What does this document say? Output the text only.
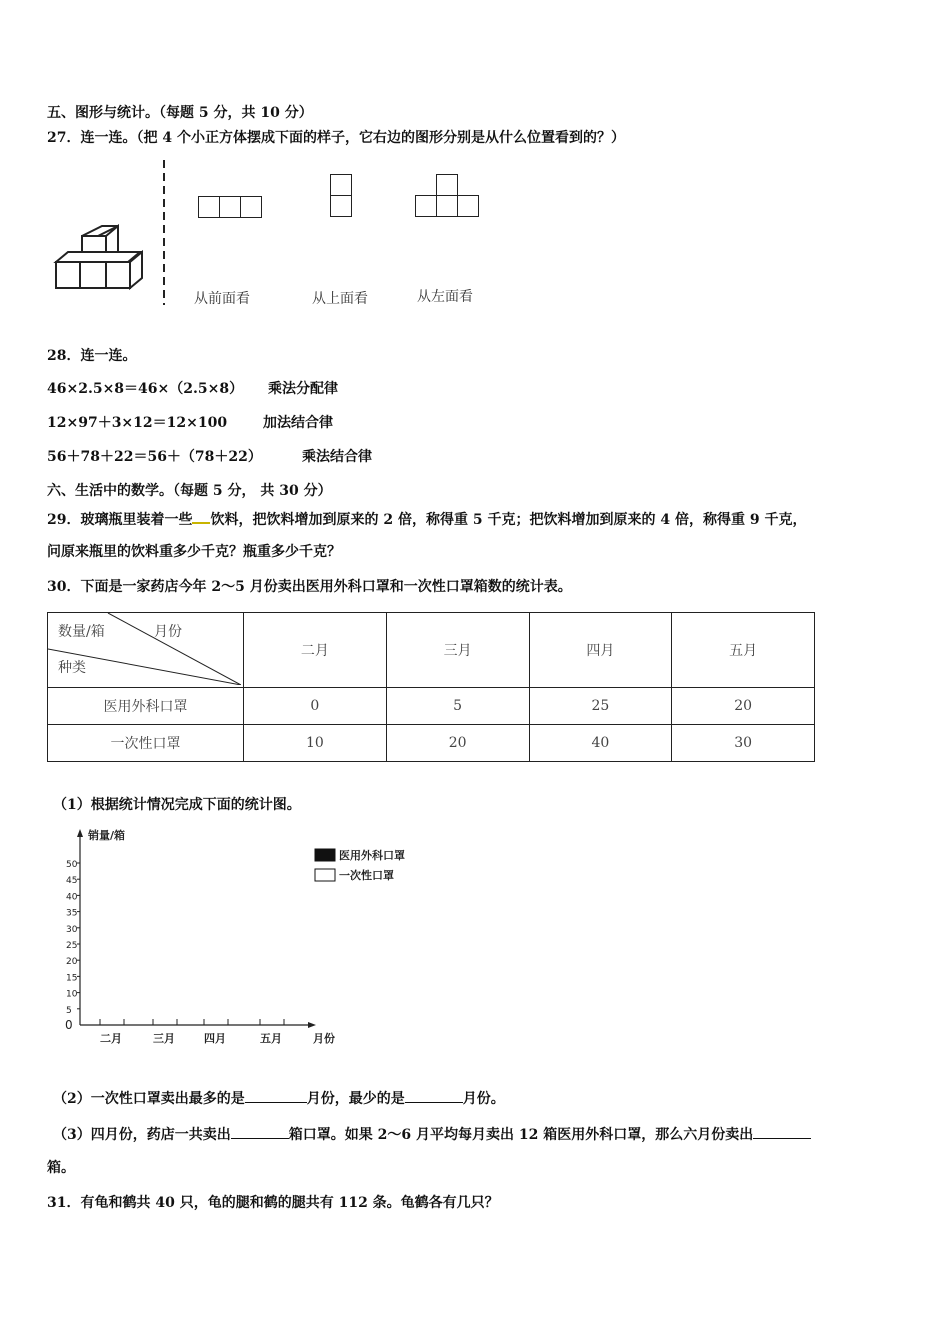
五、图形与统计。（每题 5 分，共 10 分）
27．连一连。（把 4 个小正方体摆成下面的样子，它右边的图形分别是从什么位置看到的？）
从前面看	从上面看	从左面看
28．连一连。
46×2.5×8＝46×（2.5×8） 乘法分配律
12×97＋3×12＝12×100	加法结合律
56＋78＋22＝56＋（78＋22）	乘法结合律
六、生活中的数学。（每题 5 分， 共 30 分）
29．玻璃瓶里装着一些 饮料，把饮料增加到原来的 2 倍，称得重 5 千克；把饮料增加到原来的 4 倍，称得重 9 千克，
问原来瓶里的饮料重多少千克？瓶重多少千克？
30．下面是一家药店今年 2～5 月份卖出医用外科口罩和一次性口罩箱数的统计表。
数量/箱 月份
种类	二月	三月	四月	五月
医用外科口罩	0	5	25	20
一次性口罩	10	20	40	30
（1）根据统计情况完成下面的统计图。
销量/箱
月份
0
5
10
15
20
25
30
35
40
45
50
二月	三月	四月	五月
医用外科口罩
一次性口罩
（2）一次性口罩卖出最多的是	月份，最少的是	月份。
（3）四月份，药店一共卖出	箱口罩。如果 2～6 月平均每月卖出 12 箱医用外科口罩，那么六月份卖出
箱。
31．有龟和鹤共 40 只，龟的腿和鹤的腿共有 112 条。龟鹤各有几只？
